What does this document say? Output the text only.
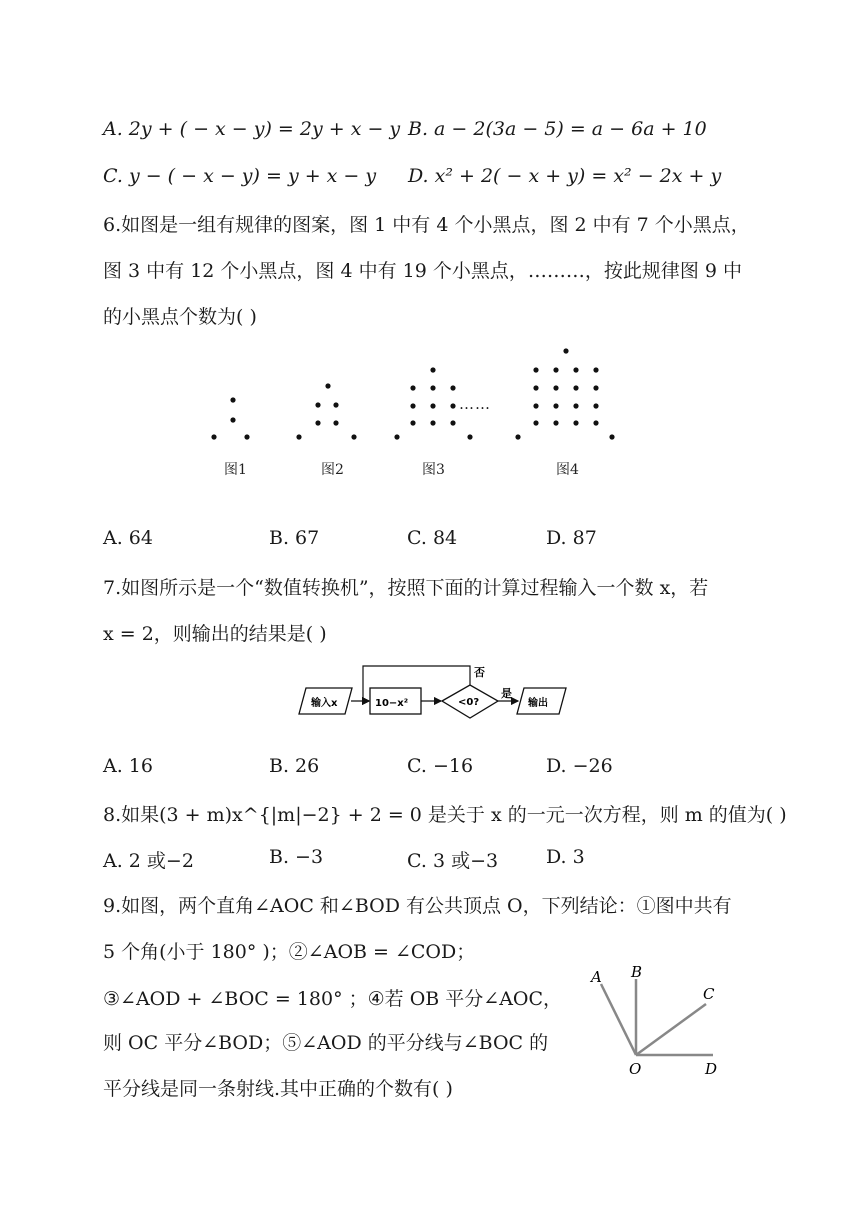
A. 2y + ( − x − y) = 2y + x − y B. a − 2(3a − 5) = a − 6a + 10
C. y − ( − x − y) = y + x − y D. x² + 2( − x + y) = x² − 2x + y
6.如图是一组有规律的图案，图 1 中有 4 个小黑点，图 2 中有 7 个小黑点，
图 3 中有 12 个小黑点，图 4 中有 19 个小黑点，………，按此规律图 9 中
的小黑点个数为( )
……
图1	图2	图3	图4
A. 64	B. 67	C. 84	D. 87
7.如图所示是一个“数值转换机”，按照下面的计算过程输入一个数 x，若
x = 2，则输出的结果是( )
输入x	10−x²	<0?	输出
否
是
A. 16	B. 26	C. −16	D. −26
8.如果(3 + m)x^{|m|−2} + 2 = 0 是关于 x 的一元一次方程，则 m 的值为( )
A. 2 或−2	B. −3	C. 3 或−3	D. 3
9.如图，两个直角∠AOC 和∠BOD 有公共顶点 O，下列结论：①图中共有
5 个角(小于 180° )；②∠AOB = ∠COD；
③∠AOD + ∠BOC = 180° ；④若 OB 平分∠AOC，
则 OC 平分∠BOD；⑤∠AOD 的平分线与∠BOC 的
平分线是同一条射线.其中正确的个数有( )
A B
C
O	D
